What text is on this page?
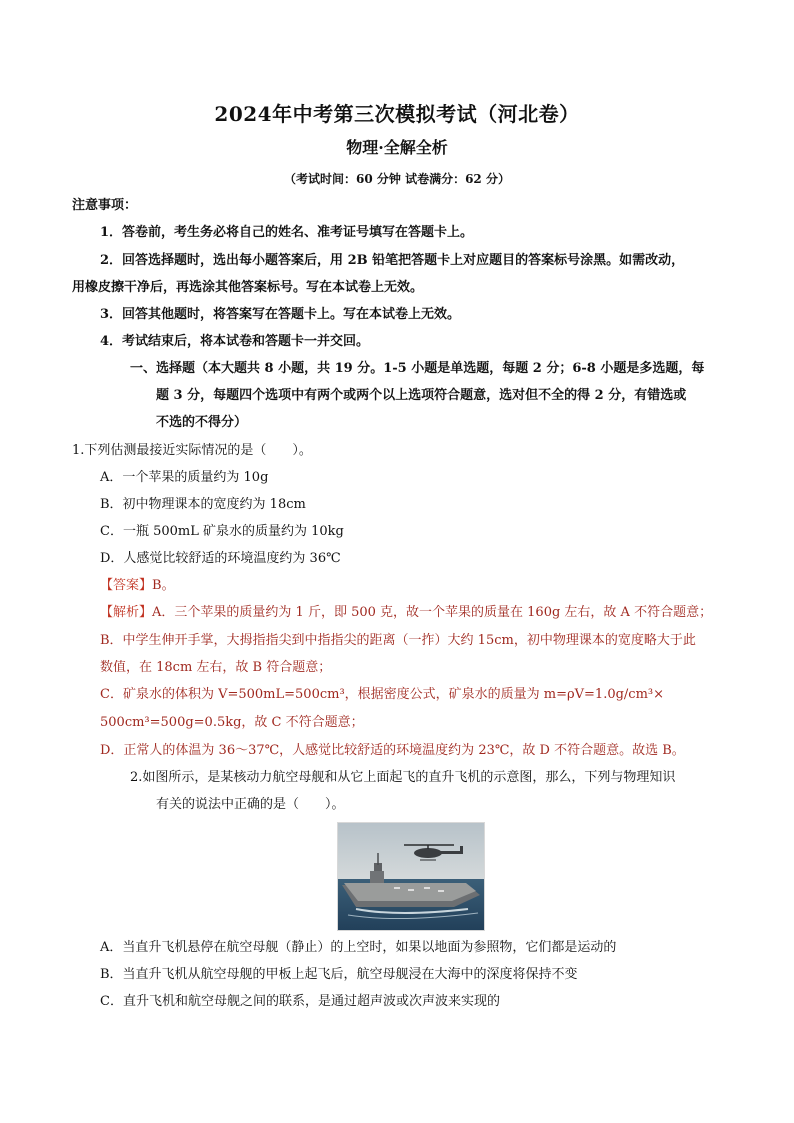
2024年中考第三次模拟考试（河北卷）
物理·全解全析
（考试时间：60 分钟 试卷满分：62 分）
注意事项：
1．答卷前，考生务必将自己的姓名、准考证号填写在答题卡上。
2．回答选择题时，选出每小题答案后，用 2B 铅笔把答题卡上对应题目的答案标号涂黑。如需改动，
用橡皮擦干净后，再选涂其他答案标号。写在本试卷上无效。
3．回答其他题时，将答案写在答题卡上。写在本试卷上无效。
4．考试结束后，将本试卷和答题卡一并交回。
一、选择题（本大题共 8 小题，共 19 分。1-5 小题是单选题，每题 2 分；6-8 小题是多选题，每
题 3 分，每题四个选项中有两个或两个以上选项符合题意，选对但不全的得 2 分，有错选或
不选的不得分）
1.下列估测最接近实际情况的是（　　）。
A．一个苹果的质量约为 10g
B．初中物理课本的宽度约为 18cm
C．一瓶 500mL 矿泉水的质量约为 10kg
D．人感觉比较舒适的环境温度约为 36℃
【答案】B。
【解析】A．三个苹果的质量约为 1 斤，即 500 克，故一个苹果的质量在 160g 左右，故 A 不符合题意；
B．中学生伸开手掌，大拇指指尖到中指指尖的距离（一拃）大约 15cm，初中物理课本的宽度略大于此
数值，在 18cm 左右，故 B 符合题意；
C．矿泉水的体积为 V=500mL=500cm³，根据密度公式，矿泉水的质量为 m=ρV=1.0g/cm³×
500cm³=500g=0.5kg，故 C 不符合题意；
D．正常人的体温为 36～37℃，人感觉比较舒适的环境温度约为 23℃，故 D 不符合题意。故选 B。
2.如图所示，是某核动力航空母舰和从它上面起飞的直升飞机的示意图，那么，下列与物理知识
有关的说法中正确的是（　　）。
A．当直升飞机悬停在航空母舰（静止）的上空时，如果以地面为参照物，它们都是运动的
B．当直升飞机从航空母舰的甲板上起飞后，航空母舰浸在大海中的深度将保持不变
C．直升飞机和航空母舰之间的联系，是通过超声波或次声波来实现的
